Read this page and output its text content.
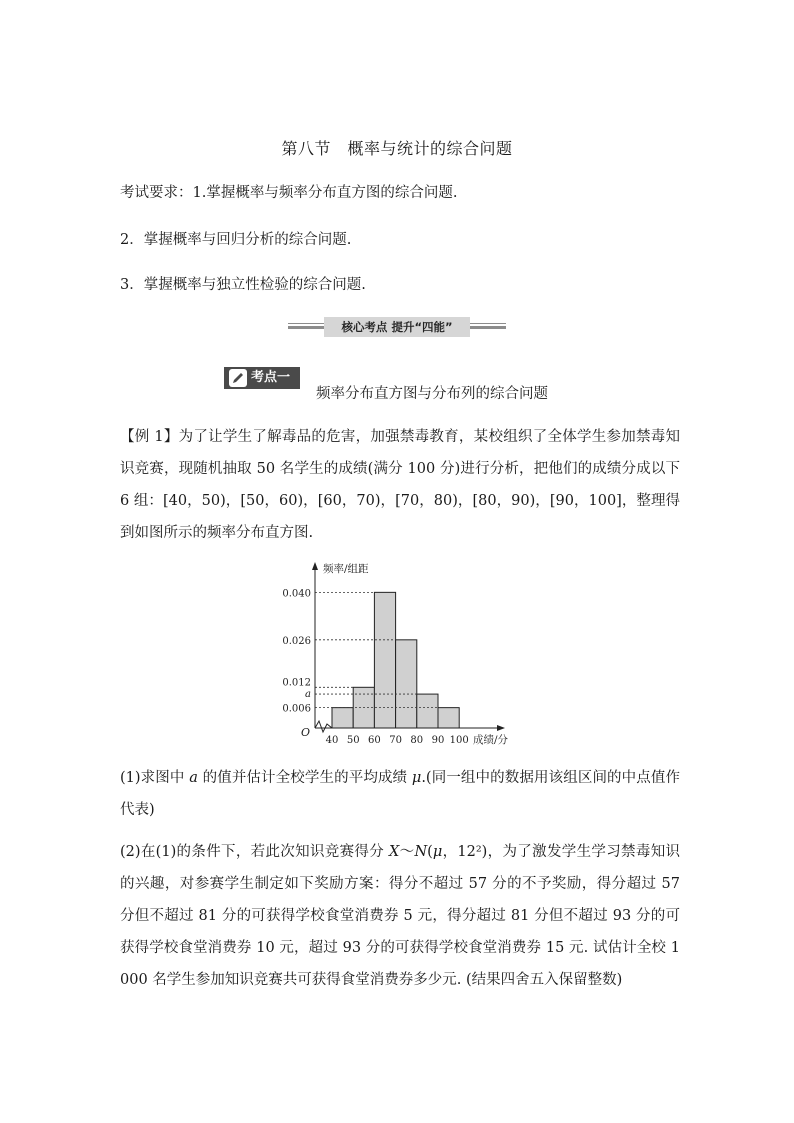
第八节　概率与统计的综合问题
考试要求：1.掌握概率与频率分布直方图的综合问题.
2．掌握概率与回归分析的综合问题.
3．掌握概率与独立性检验的综合问题.
核心考点 提升“四能”
考点一
频率分布直方图与分布列的综合问题
【例 1】为了让学生了解毒品的危害，加强禁毒教育，某校组织了全体学生参加禁毒知识竞赛，现随机抽取 50 名学生的成绩(满分 100 分)进行分析，把他们的成绩分成以下 6 组：[40，50)，[50，60)，[60，70)，[70，80)，[80，90)，[90，100]，整理得到如图所示的频率分布直方图.
0.006
a
0.012
0.026
0.040
频率/组距
O
40 50 60 70 80 90 100 成绩/分
(1)求图中 a 的值并估计全校学生的平均成绩 μ.(同一组中的数据用该组区间的中点值作代表)
(2)在(1)的条件下，若此次知识竞赛得分 X～N(μ，12²)，为了激发学生学习禁毒知识的兴趣，对参赛学生制定如下奖励方案：得分不超过 57 分的不予奖励，得分超过 57 分但不超过 81 分的可获得学校食堂消费券 5 元，得分超过 81 分但不超过 93 分的可获得学校食堂消费券 10 元，超过 93 分的可获得学校食堂消费券 15 元. 试估计全校 1 000 名学生参加知识竞赛共可获得食堂消费券多少元. (结果四舍五入保留整数)
